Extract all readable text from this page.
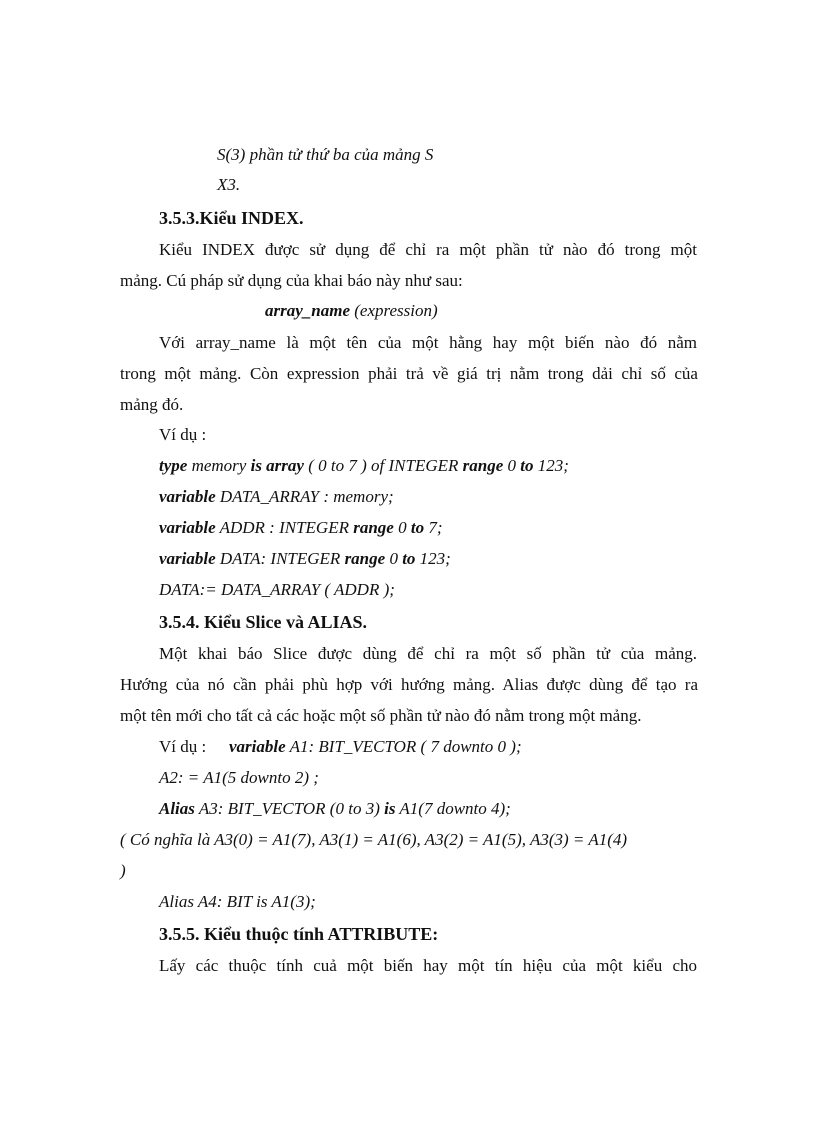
S(3) phần tử thứ ba của mảng S
X3.
3.5.3.Kiểu INDEX.
Kiểu INDEX được sử dụng để chỉ ra một phần tử nào đó trong một
mảng. Cú pháp sử dụng của khai báo này như sau:
array_name (expression)
Với array_name là một tên của một hằng hay một biến nào đó nằm
trong một mảng. Còn expression phải trả về giá trị nằm trong dải chỉ số của
mảng đó.
Ví dụ :
type memory is array ( 0 to 7 ) of INTEGER range 0 to 123;
variable DATA_ARRAY : memory;
variable ADDR : INTEGER range 0 to 7;
variable DATA: INTEGER range 0 to 123;
DATA:= DATA_ARRAY ( ADDR );
3.5.4. Kiểu Slice và ALIAS.
Một khai báo Slice được dùng để chỉ ra một số phần tử của mảng.
Hướng của nó cần phải phù hợp với hướng mảng. Alias được dùng để tạo ra
một tên mới cho tất cả các hoặc một số phần tử nào đó nằm trong một mảng.
Ví dụ : variable A1: BIT_VECTOR ( 7 downto 0 );
A2: = A1(5 downto 2) ;
Alias A3: BIT_VECTOR (0 to 3) is A1(7 downto 4);
( Có nghĩa là A3(0) = A1(7), A3(1) = A1(6), A3(2) = A1(5), A3(3) = A1(4)
)
Alias A4: BIT is A1(3);
3.5.5. Kiểu thuộc tính ATTRIBUTE:
Lấy các thuộc tính cuả một biến hay một tín hiệu của một kiểu cho
